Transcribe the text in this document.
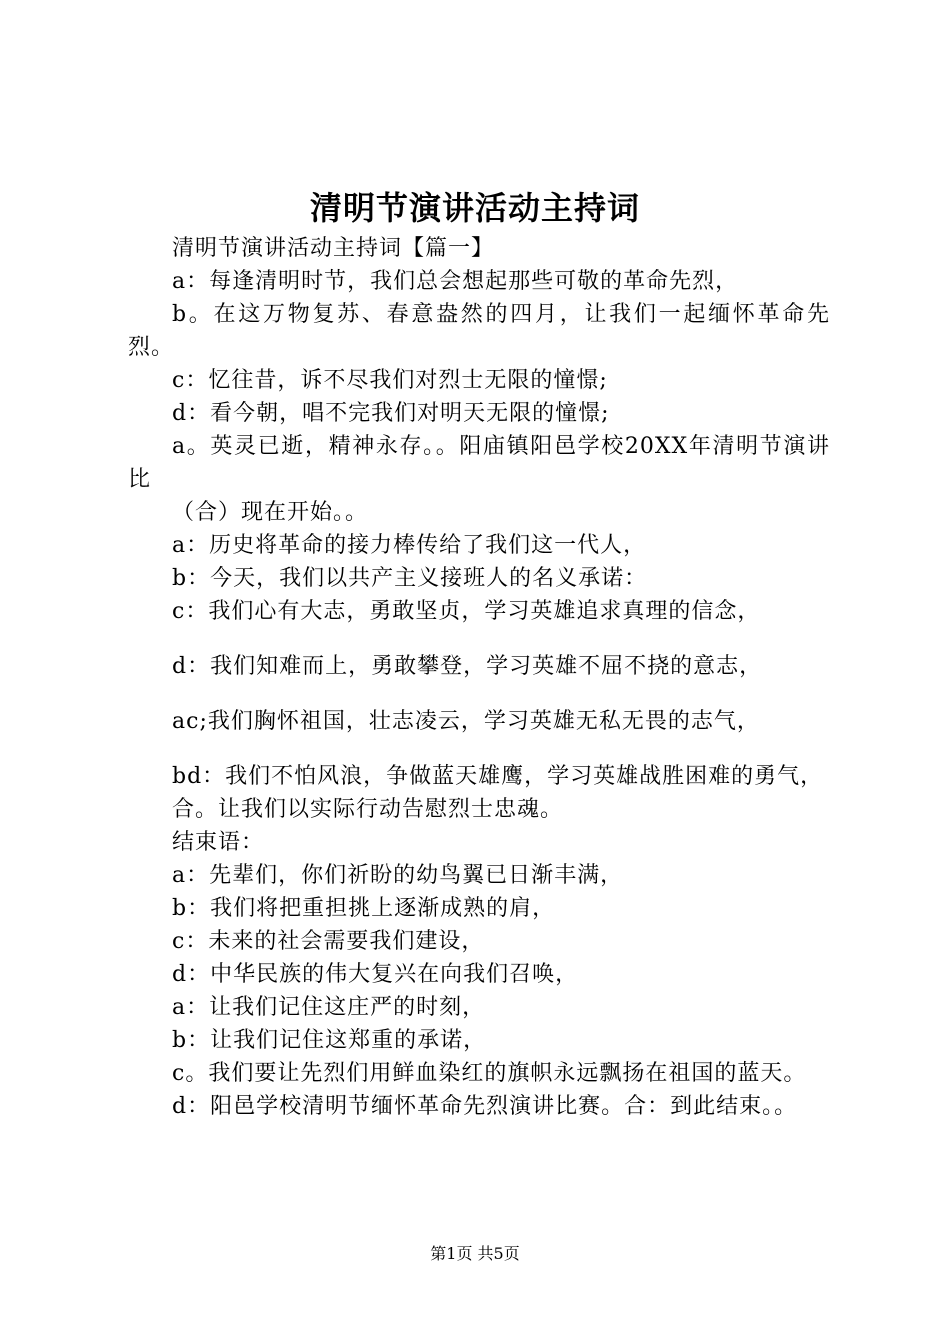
清明节演讲活动主持词

清明节演讲活动主持词【篇一】

a：每逢清明时节，我们总会想起那些可敬的革命先烈，

b。在这万物复苏、春意盎然的四月，让我们一起缅怀革命先烈。

c：忆往昔，诉不尽我们对烈士无限的憧憬;

d：看今朝，唱不完我们对明天无限的憧憬;

a。英灵已逝，精神永存。。阳庙镇阳邑学校20XX年清明节演讲比

（合）现在开始。。

a：历史将革命的接力棒传给了我们这一代人，

b：今天，我们以共产主义接班人的名义承诺：

c：我们心有大志，勇敢坚贞，学习英雄追求真理的信念，

d：我们知难而上，勇敢攀登，学习英雄不屈不挠的意志，

ac;我们胸怀祖国，壮志凌云，学习英雄无私无畏的志气，

bd：我们不怕风浪，争做蓝天雄鹰，学习英雄战胜困难的勇气，

合。让我们以实际行动告慰烈士忠魂。

结束语：

a：先辈们，你们祈盼的幼鸟翼已日渐丰满，

b：我们将把重担挑上逐渐成熟的肩，

c：未来的社会需要我们建设，

d：中华民族的伟大复兴在向我们召唤，

a：让我们记住这庄严的时刻，

b：让我们记住这郑重的承诺，

c。我们要让先烈们用鲜血染红的旗帜永远飘扬在祖国的蓝天。

d：阳邑学校清明节缅怀革命先烈演讲比赛。合：到此结束。。

第1页 共5页
